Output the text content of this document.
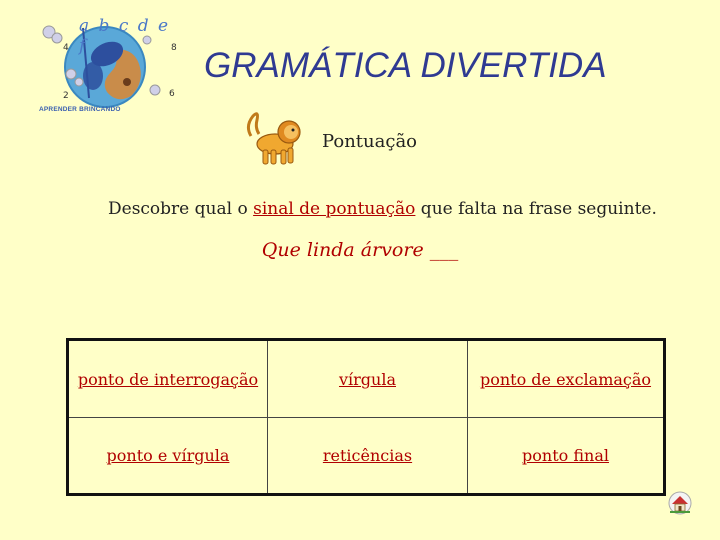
4	8
2	6
a b c d e f
APRENDER BRINCANDO
GRAMÁTICA DIVERTIDA
Pontuação
Descobre qual o sinal de pontuação que falta na frase seguinte.
Que linda árvore ___
ponto de interrogação	vírgula	ponto de exclamação
ponto e vírgula	reticências	ponto final
